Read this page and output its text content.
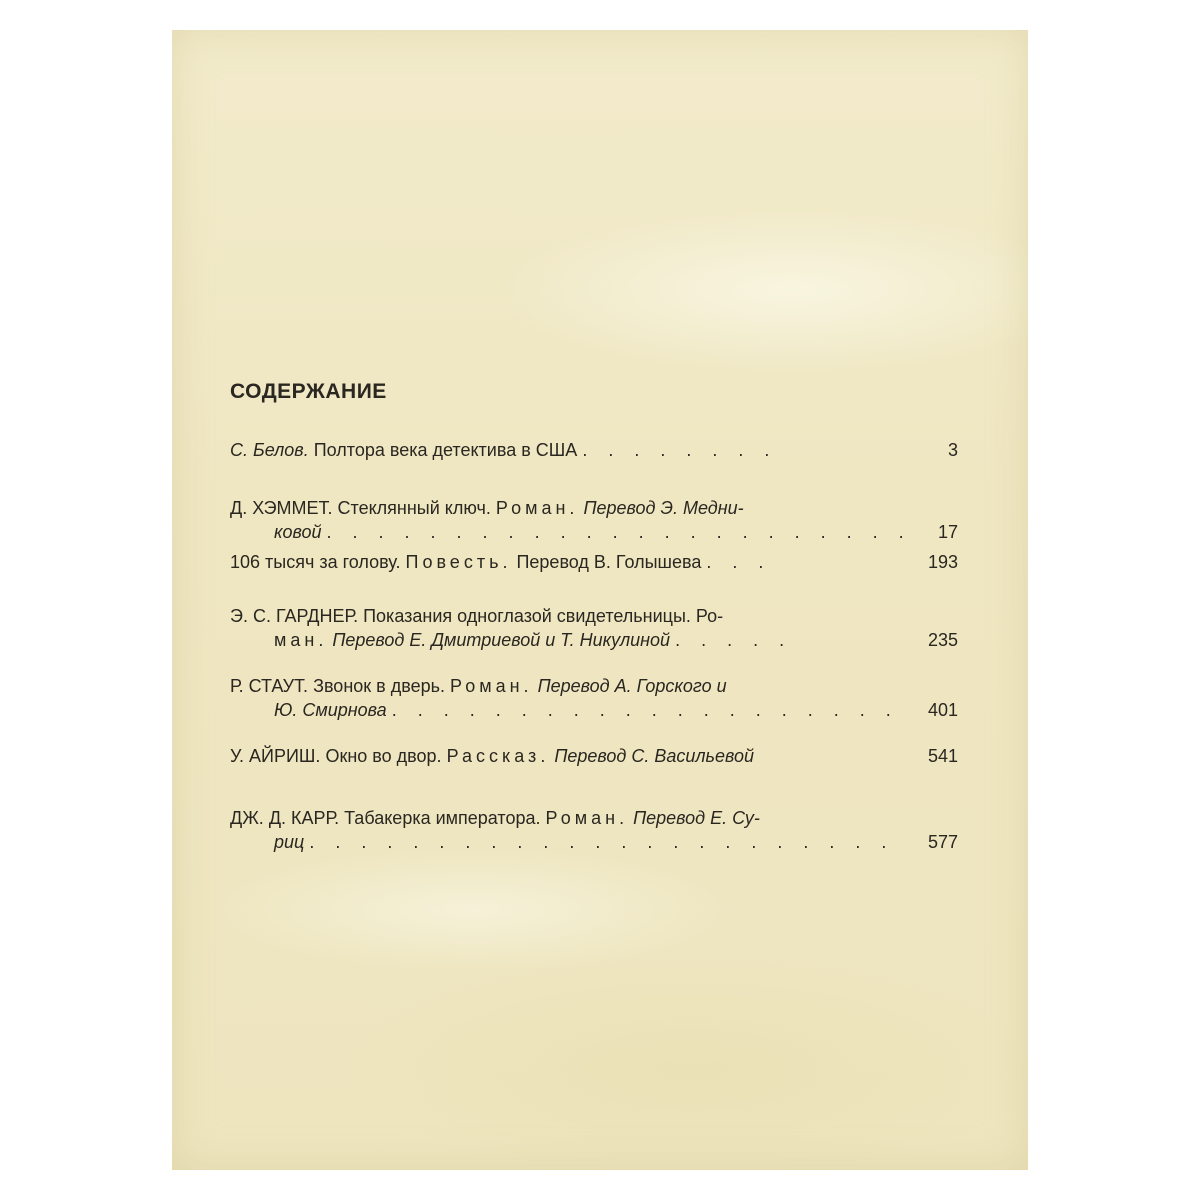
СОДЕРЖАНИЕ
С. Белов. Полтора века детектива в США . . . . . . . .	3
Д. ХЭММЕТ. Стеклянный ключ. Роман. Перевод Э. Медни-
ковой . . . . . . . . . . . . . . . . . . . . . . . 17
106 тысяч за голову. Повесть. Перевод В. Голышева . . .	193
Э. С. ГАРДНЕР. Показания одноглазой свидетельницы. Ро-
ман. Перевод Е. Дмитриевой и Т. Никулиной . . . . .	235
Р. СТАУТ. Звонок в дверь. Роман. Перевод А. Горского и
Ю. Смирнова . . . . . . . . . . . . . . . . . . . . 401
У. АЙРИШ. Окно во двор. Рассказ. Перевод С. Васильевой	541
ДЖ. Д. КАРР. Табакерка императора. Роман. Перевод Е. Су-
риц . . . . . . . . . . . . . . . . . . . . . . . 577
